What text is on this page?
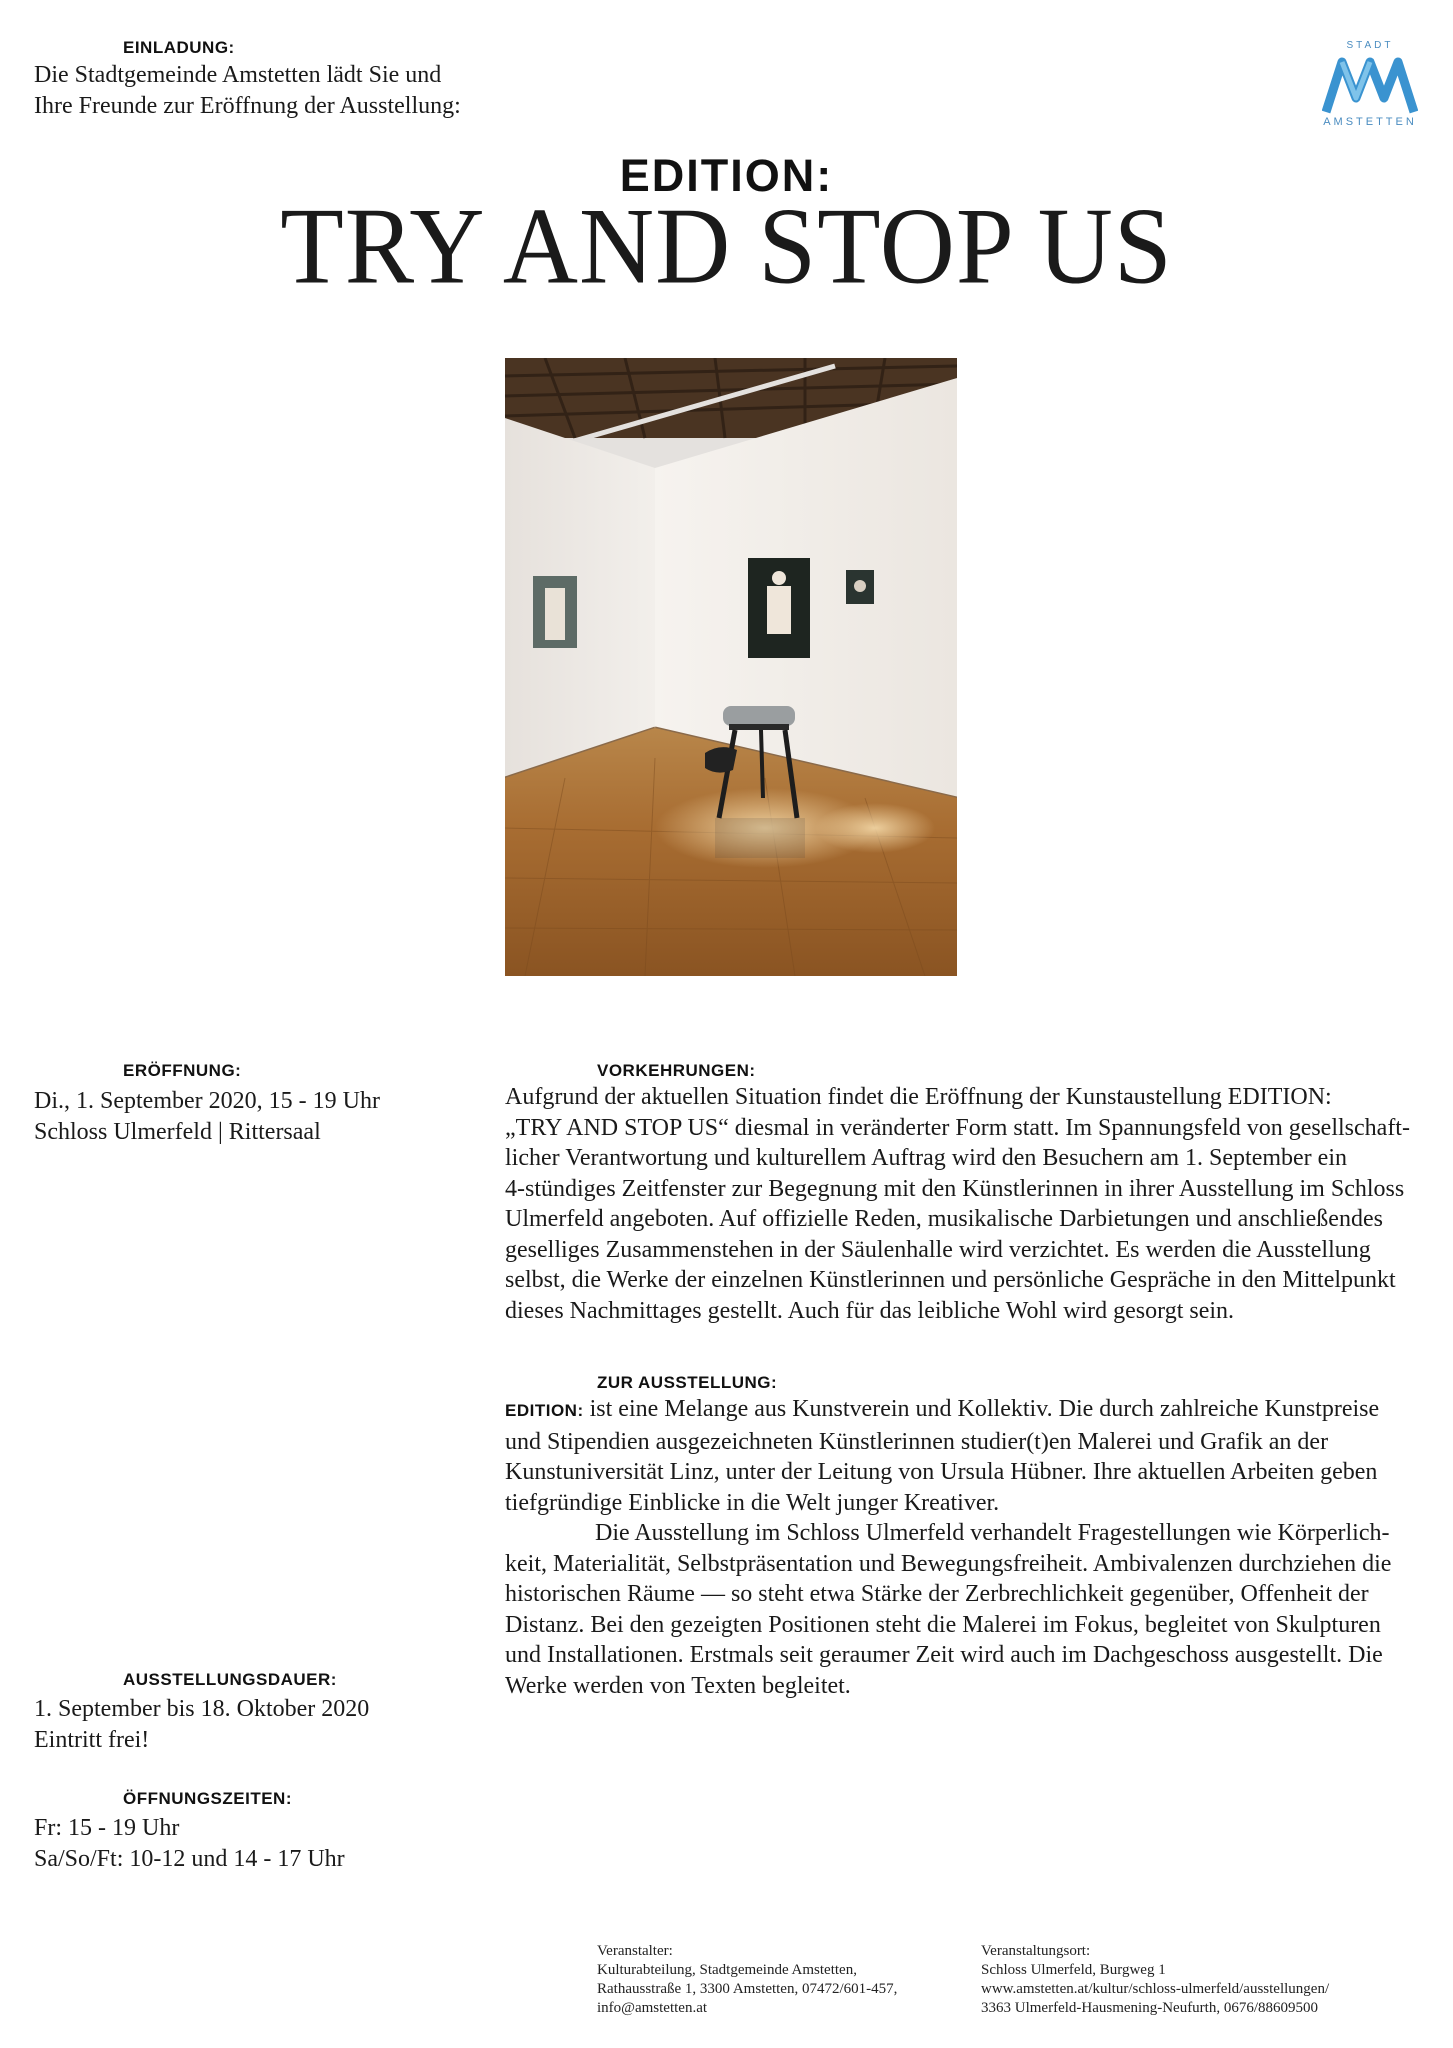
EINLADUNG:
Die Stadtgemeinde Amstetten lädt Sie und
Ihre Freunde zur Eröffnung der Ausstellung:
STADT
AMSTETTEN
EDITION:
TRY AND STOP US
ERÖFFNUNG:
Di., 1. September 2020, 15 - 19 Uhr
Schloss Ulmerfeld | Rittersaal
VORKEHRUNGEN:
Aufgrund der aktuellen Situation findet die Eröffnung der Kunstaustellung EDITION:
„TRY AND STOP US“ diesmal in veränderter Form statt. Im Spannungsfeld von gesellschaft-
licher Verantwortung und kulturellem Auftrag wird den Besuchern am 1. September ein
4-stündiges Zeitfenster zur Begegnung mit den Künstlerinnen in ihrer Ausstellung im Schloss
Ulmerfeld angeboten. Auf offizielle Reden, musikalische Darbietungen und anschließendes
geselliges Zusammenstehen in der Säulenhalle wird verzichtet. Es werden die Ausstellung
selbst, die Werke der einzelnen Künstlerinnen und persönliche Gespräche in den Mittelpunkt
dieses Nachmittages gestellt. Auch für das leibliche Wohl wird gesorgt sein.
ZUR AUSSTELLUNG:
EDITION: ist eine Melange aus Kunstverein und Kollektiv. Die durch zahlreiche Kunstpreise
und Stipendien ausgezeichneten Künstlerinnen studier(t)en Malerei und Grafik an der
Kunstuniversität Linz, unter der Leitung von Ursula Hübner. Ihre aktuellen Arbeiten geben
tiefgründige Einblicke in die Welt junger Kreativer.
Die Ausstellung im Schloss Ulmerfeld verhandelt Fragestellungen wie Körperlich-
keit, Materialität, Selbstpräsentation und Bewegungsfreiheit. Ambivalenzen durchziehen die
historischen Räume — so steht etwa Stärke der Zerbrechlichkeit gegenüber, Offenheit der
Distanz. Bei den gezeigten Positionen steht die Malerei im Fokus, begleitet von Skulpturen
und Installationen. Erstmals seit geraumer Zeit wird auch im Dachgeschoss ausgestellt. Die
Werke werden von Texten begleitet.
AUSSTELLUNGSDAUER:
1. September bis 18. Oktober 2020
Eintritt frei!
ÖFFNUNGSZEITEN:
Fr: 15 - 19 Uhr
Sa/So/Ft: 10-12 und 14 - 17 Uhr
Veranstalter:
Kulturabteilung, Stadtgemeinde Amstetten,
Rathausstraße 1, 3300 Amstetten, 07472/601-457,
info@amstetten.at
Veranstaltungsort:
Schloss Ulmerfeld, Burgweg 1
www.amstetten.at/kultur/schloss-ulmerfeld/ausstellungen/
3363 Ulmerfeld-Hausmening-Neufurth, 0676/88609500
